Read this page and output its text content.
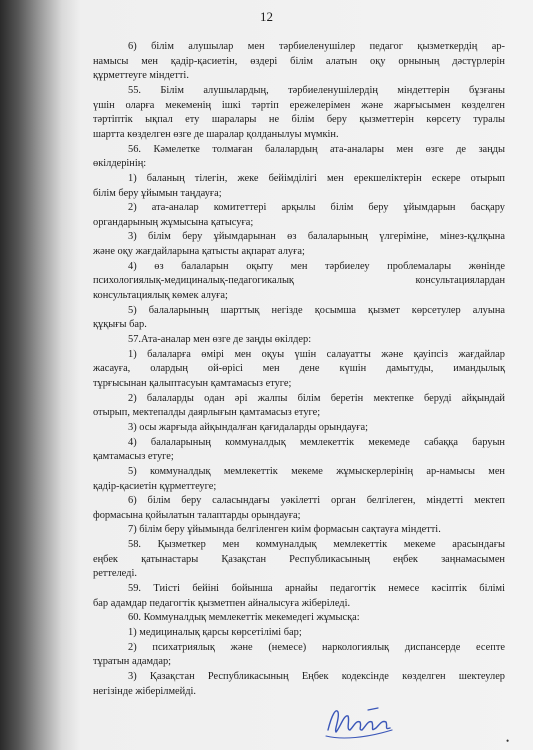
12
6) білім алушылар мен тәрбиеленушілер педагог қызметкердің ар-
намысы мен қадір-қасиетін, өздері білім алатын оқу орнының дәстүрлерін
құрметтеуге міндетті.
55. Білім алушылардың, тәрбиеленушілердің міндеттерін бұзғаны
үшін оларға мекеменің ішкі тәртіп ережелерімен және жарғысымен көзделген
тәртіптік ықпал ету шаралары не білім беру қызметтерін көрсету туралы
шартта көзделген өзге де шаралар қолданылуы мүмкін.
56. Кәмелетке толмаған балалардың ата-аналары мен өзге де заңды
өкілдерінің:
1) баланың тілегін, жеке бейімділігі мен ерекшеліктерін ескере отырып
білім беру ұйымын таңдауға;
2) ата-аналар комитеттері арқылы білім беру ұйымдарын басқару
органдарының жұмысына қатысуға;
3) білім беру ұйымдарынан өз балаларының үлгеріміне, мінез-құлқына
және оқу жағдайларына қатысты ақпарат алуға;
4) өз балаларын оқыту мен тәрбиелеу проблемалары жөнінде
психологиялық-медициналық-педагогикалық консультациялардан
консультациялық көмек алуға;
5) балаларының шарттық негізде қосымша қызмет көрсетулер алуына
құқығы бар.
57.Ата-аналар мен өзге де заңды өкілдер:
1) балаларға өмірі мен оқуы үшін салауатты және қауіпсіз жағдайлар
жасауға, олардың ой-өрісі мен дене күшін дамытуды, имандылық
тұрғысынан қалыптасуын қамтамасыз етуге;
2) балаларды одан әрі жалпы білім беретін мектепке беруді айқындай
отырып, мектепалды даярлығын қамтамасыз етуге;
3) осы жарғыда айқындалған қағидаларды орындауға;
4) балаларының коммуналдық мемлекеттік мекемеде сабаққа баруын
қамтамасыз етуге;
5) коммуналдық мемлекеттік мекеме жұмыскерлерінің ар-намысы мен
қадір-қасиетін құрметтеуге;
6) білім беру саласындағы уәкілетті орган белгілеген, міндетті мектеп
формасына қойылатын талаптарды орындауға;
7) білім беру ұйымында белгіленген киім формасын сақтауға міндетті.
58. Қызметкер мен коммуналдық мемлекеттік мекеме арасындағы
еңбек қатынастары Қазақстан Республикасының еңбек заңнамасымен
реттеледі.
59. Тиісті бейіні бойынша арнайы педагогтік немесе кәсіптік білімі
бар адамдар педагогтік қызметпен айналысуға жіберіледі.
60. Коммуналдық мемлекеттік мекемедегі жұмысқа:
1) медициналық қарсы көрсетілімі бар;
2) психатриялық және (немесе) наркологиялық диспансерде есепте
тұратын адамдар;
3) Қазақстан Республикасының Еңбек кодексінде көзделген шектеулер
негізінде жіберілмейді.
•
